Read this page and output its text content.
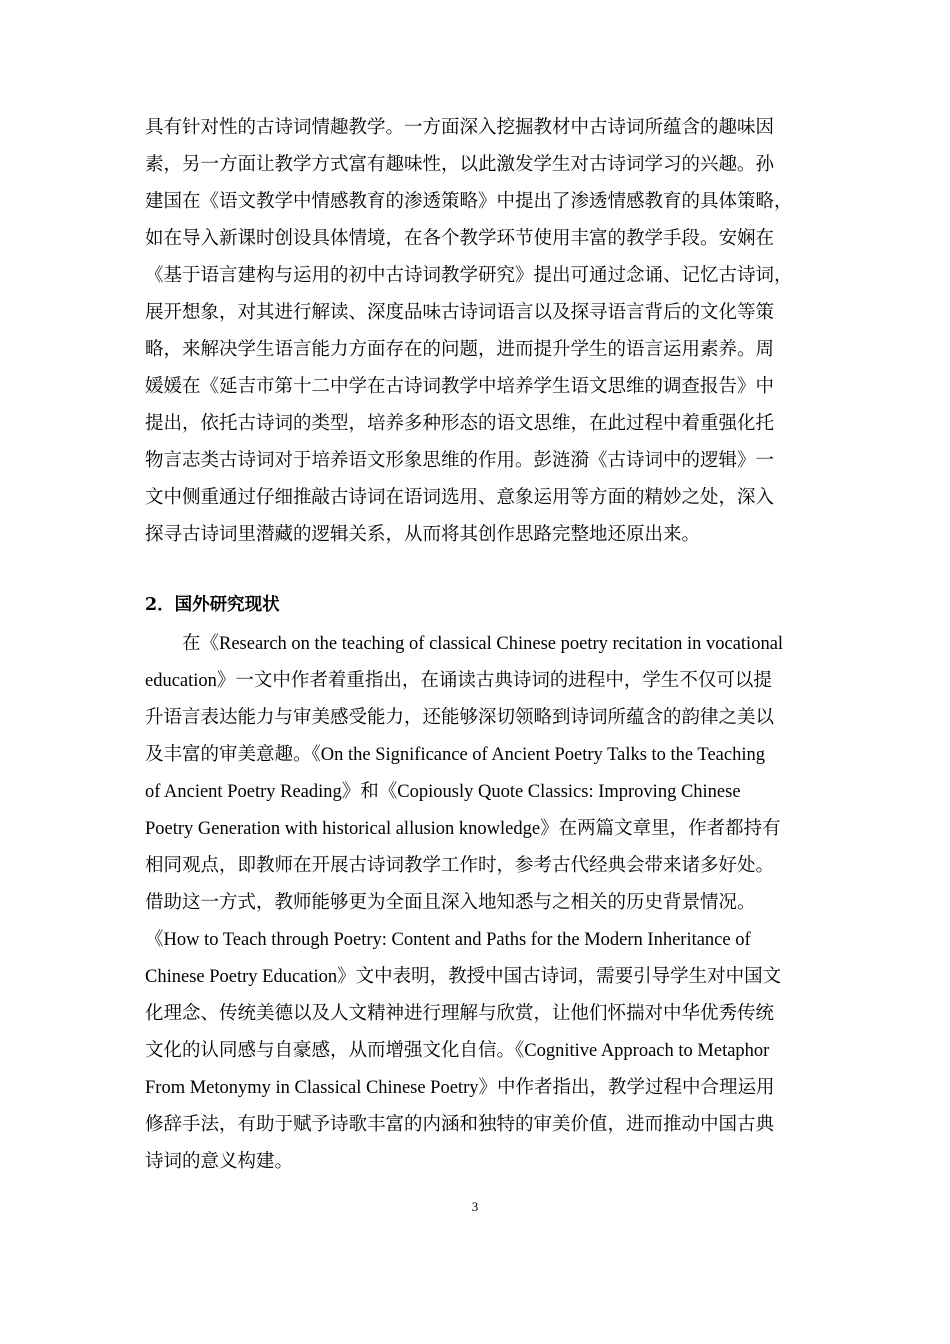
具有针对性的古诗词情趣教学。一方面深入挖掘教材中古诗词所蕴含的趣味因
素，另一方面让教学方式富有趣味性，以此激发学生对古诗词学习的兴趣。孙
建国在《语文教学中情感教育的渗透策略》中提出了渗透情感教育的具体策略，
如在导入新课时创设具体情境，在各个教学环节使用丰富的教学手段。安娴在
《基于语言建构与运用的初中古诗词教学研究》提出可通过念诵、记忆古诗词，
展开想象，对其进行解读、深度品味古诗词语言以及探寻语言背后的文化等策
略，来解决学生语言能力方面存在的问题，进而提升学生的语言运用素养。周
媛媛在《延吉市第十二中学在古诗词教学中培养学生语文思维的调查报告》中
提出，依托古诗词的类型，培养多种形态的语文思维，在此过程中着重强化托
物言志类古诗词对于培养语文形象思维的作用。彭涟漪《古诗词中的逻辑》一
文中侧重通过仔细推敲古诗词在语词选用、意象运用等方面的精妙之处，深入
探寻古诗词里潜藏的逻辑关系，从而将其创作思路完整地还原出来。
2．国外研究现状
在《Research on the teaching of classical Chinese poetry recitation in vocational
education》一文中作者着重指出，在诵读古典诗词的进程中，学生不仅可以提
升语言表达能力与审美感受能力，还能够深切领略到诗词所蕴含的韵律之美以
及丰富的审美意趣。《On the Significance of Ancient Poetry Talks to the Teaching
of Ancient Poetry Reading》和《Copiously Quote Classics: Improving Chinese
Poetry Generation with historical allusion knowledge》在两篇文章里，作者都持有
相同观点，即教师在开展古诗词教学工作时，参考古代经典会带来诸多好处。
借助这一方式，教师能够更为全面且深入地知悉与之相关的历史背景情况。
《How to Teach through Poetry: Content and Paths for the Modern Inheritance of
Chinese Poetry Education》文中表明，教授中国古诗词，需要引导学生对中国文
化理念、传统美德以及人文精神进行理解与欣赏，让他们怀揣对中华优秀传统
文化的认同感与自豪感，从而增强文化自信。《Cognitive Approach to Metaphor
From Metonymy in Classical Chinese Poetry》中作者指出，教学过程中合理运用
修辞手法，有助于赋予诗歌丰富的内涵和独特的审美价值，进而推动中国古典
诗词的意义构建。
3
